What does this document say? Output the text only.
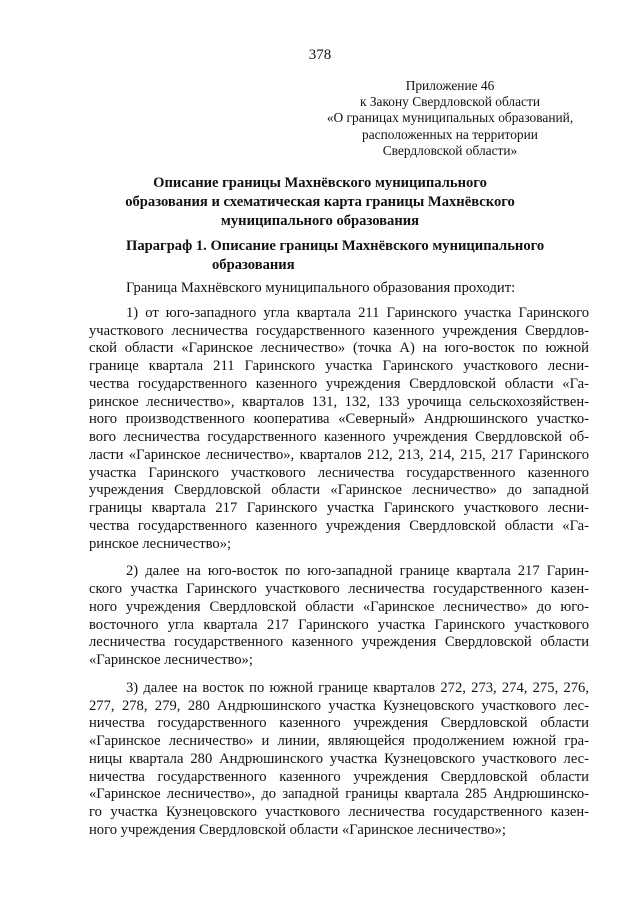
378
Приложение 46
к Закону Свердловской области
«О границах муниципальных образований,
расположенных на территории
Свердловской области»
Описание границы Махнёвского муниципального
образования и схематическая карта границы Махнёвского
муниципального образования
Параграф 1. Описание границы Махнёвского муниципального
образования
Граница Махнёвского муниципального образования проходит:
1) от юго-западного угла квартала 211 Гаринского участка Гаринского
участкового лесничества государственного казенного учреждения Свердлов-
ской области «Гаринское лесничество» (точка А) на юго-восток по южной
границе квартала 211 Гаринского участка Гаринского участкового лесни-
чества государственного казенного учреждения Свердловской области «Га-
ринское лесничество», кварталов 131, 132, 133 урочища сельскохозяйствен-
ного производственного кооператива «Северный» Андрюшинского участко-
вого лесничества государственного казенного учреждения Свердловской об-
ласти «Гаринское лесничество», кварталов 212, 213, 214, 215, 217 Гаринского
участка Гаринского участкового лесничества государственного казенного
учреждения Свердловской области «Гаринское лесничество» до западной
границы квартала 217 Гаринского участка Гаринского участкового лесни-
чества государственного казенного учреждения Свердловской области «Га-
ринское лесничество»;
2) далее на юго-восток по юго-западной границе квартала 217 Гарин-
ского участка Гаринского участкового лесничества государственного казен-
ного учреждения Свердловской области «Гаринское лесничество» до юго-
восточного угла квартала 217 Гаринского участка Гаринского участкового
лесничества государственного казенного учреждения Свердловской области
«Гаринское лесничество»;
3) далее на восток по южной границе кварталов 272, 273, 274, 275, 276,
277, 278, 279, 280 Андрюшинского участка Кузнецовского участкового лес-
ничества государственного казенного учреждения Свердловской области
«Гаринское лесничество» и линии, являющейся продолжением южной гра-
ницы квартала 280 Андрюшинского участка Кузнецовского участкового лес-
ничества государственного казенного учреждения Свердловской области
«Гаринское лесничество», до западной границы квартала 285 Андрюшинско-
го участка Кузнецовского участкового лесничества государственного казен-
ного учреждения Свердловской области «Гаринское лесничество»;
